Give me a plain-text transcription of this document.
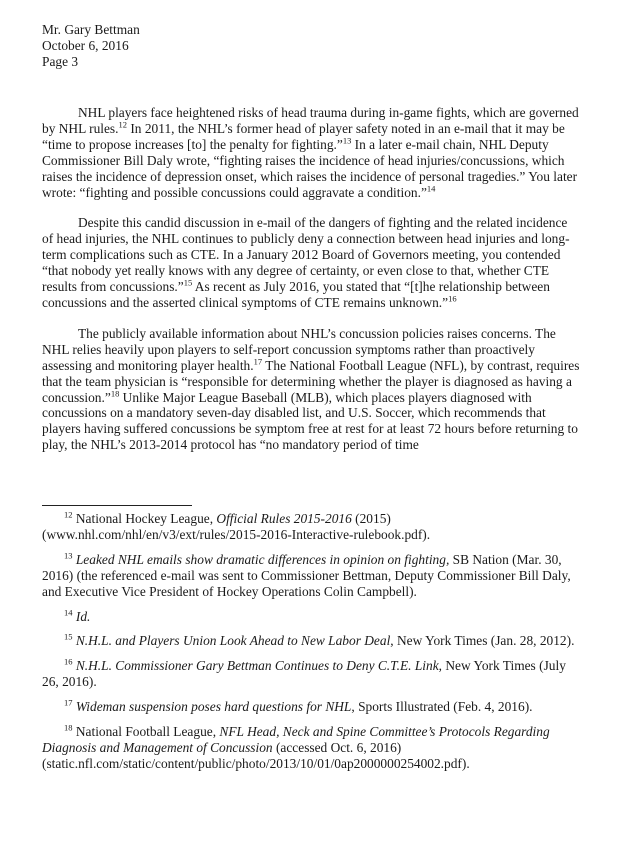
Mr. Gary Bettman
October 6, 2016
Page 3

NHL players face heightened risks of head trauma during in-game fights, which are governed by NHL rules.$^{12}$ In 2011, the NHL’s former head of player safety noted in an e-mail that it may be “time to propose increases [to] the penalty for fighting.”$^{13}$ In a later e-mail chain, NHL Deputy Commissioner Bill Daly wrote, “fighting raises the incidence of head injuries/concussions, which raises the incidence of depression onset, which raises the incidence of personal tragedies.” You later wrote: “fighting and possible concussions could aggravate a condition.”$^{14}$

Despite this candid discussion in e-mail of the dangers of fighting and the related incidence of head injuries, the NHL continues to publicly deny a connection between head injuries and long-term complications such as CTE. In a January 2012 Board of Governors meeting, you contended “that nobody yet really knows with any degree of certainty, or even close to that, whether CTE results from concussions.”$^{15}$ As recent as July 2016, you stated that “[t]he relationship between concussions and the asserted clinical symptoms of CTE remains unknown.”$^{16}$

The publicly available information about NHL’s concussion policies raises concerns. The NHL relies heavily upon players to self-report concussion symptoms rather than proactively assessing and monitoring player health.$^{17}$ The National Football League (NFL), by contrast, requires that the team physician is “responsible for determining whether the player is diagnosed as having a concussion.”$^{18}$ Unlike Major League Baseball (MLB), which places players diagnosed with concussions on a mandatory seven-day disabled list, and U.S. Soccer, which recommends that players having suffered concussions be symptom free at rest for at least 72 hours before returning to play, the NHL’s 2013-2014 protocol has “no mandatory period of time

$^{12}$ National Hockey League, Official Rules 2015-2016 (2015) (www.nhl.com/nhl/en/v3/ext/rules/2015-2016-Interactive-rulebook.pdf).

$^{13}$ Leaked NHL emails show dramatic differences in opinion on fighting, SB Nation (Mar. 30, 2016) (the referenced e-mail was sent to Commissioner Bettman, Deputy Commissioner Bill Daly, and Executive Vice President of Hockey Operations Colin Campbell).

$^{14}$ Id.

$^{15}$ N.H.L. and Players Union Look Ahead to New Labor Deal, New York Times (Jan. 28, 2012).

$^{16}$ N.H.L. Commissioner Gary Bettman Continues to Deny C.T.E. Link, New York Times (July 26, 2016).

$^{17}$ Wideman suspension poses hard questions for NHL, Sports Illustrated (Feb. 4, 2016).

$^{18}$ National Football League, NFL Head, Neck and Spine Committee’s Protocols Regarding Diagnosis and Management of Concussion (accessed Oct. 6, 2016) (static.nfl.com/static/content/public/photo/2013/10/01/0ap2000000254002.pdf).
